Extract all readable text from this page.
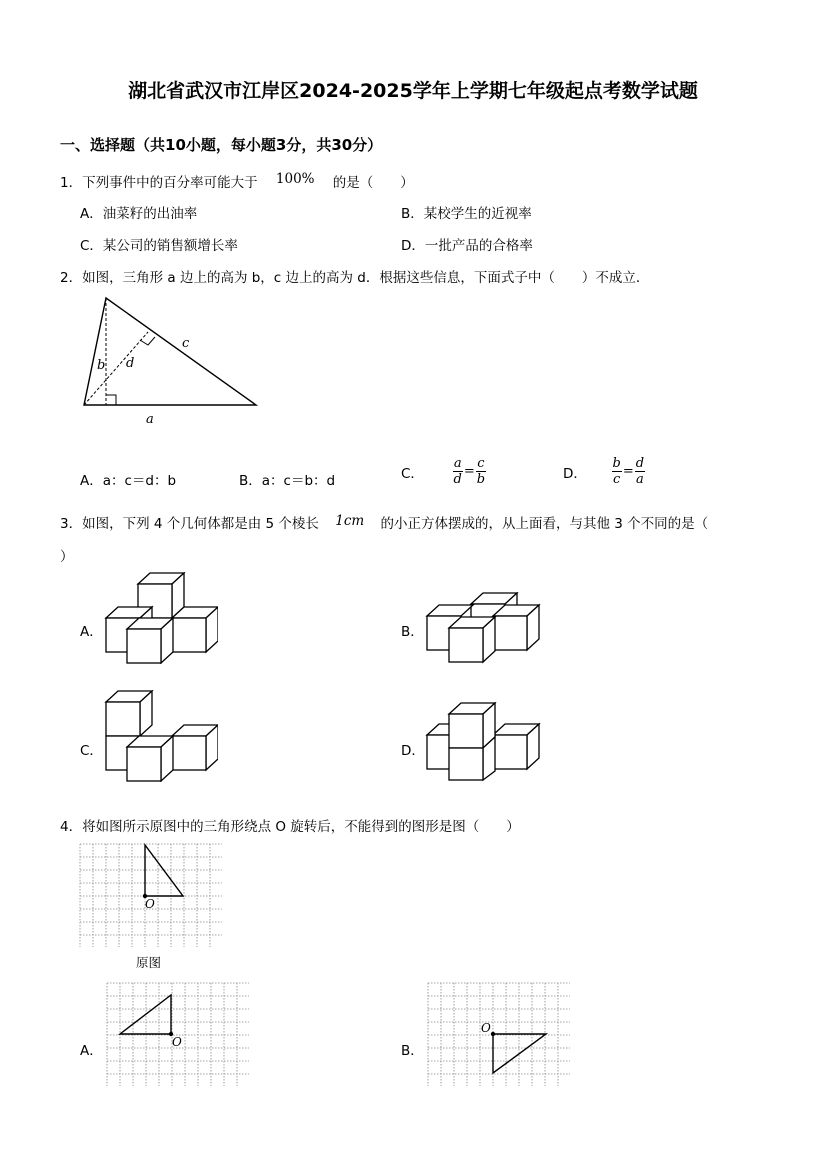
湖北省武汉市江岸区2024-2025学年上学期七年级起点考数学试题
一、选择题（共10小题，每小题3分，共30分）
1．下列事件中的百分率可能大于 100% 的是（　　）
A．油菜籽的出油率	B．某校学生的近视率
C．某公司的销售额增长率	D．一批产品的合格率
2．如图，三角形 a 边上的高为 b，c 边上的高为 d．根据这些信息，下面式子中（　　）不成立．
b d
c
a
A．a：c＝d：b	B．a：c＝b：d	C． $\frac{a}{d} = \frac{c}{b}$	D． $\frac{b}{c} = \frac{d}{a}$
3．如图，下列 4 个几何体都是由 5 个棱长 1cm 的小正方体摆成的，从上面看，与其他 3 个不同的是（
）
A．	B．
C．	D．
4．将如图所示原图中的三角形绕点 O 旋转后，不能得到的图形是图（　　）
O
原图
A．	B．
O
O
